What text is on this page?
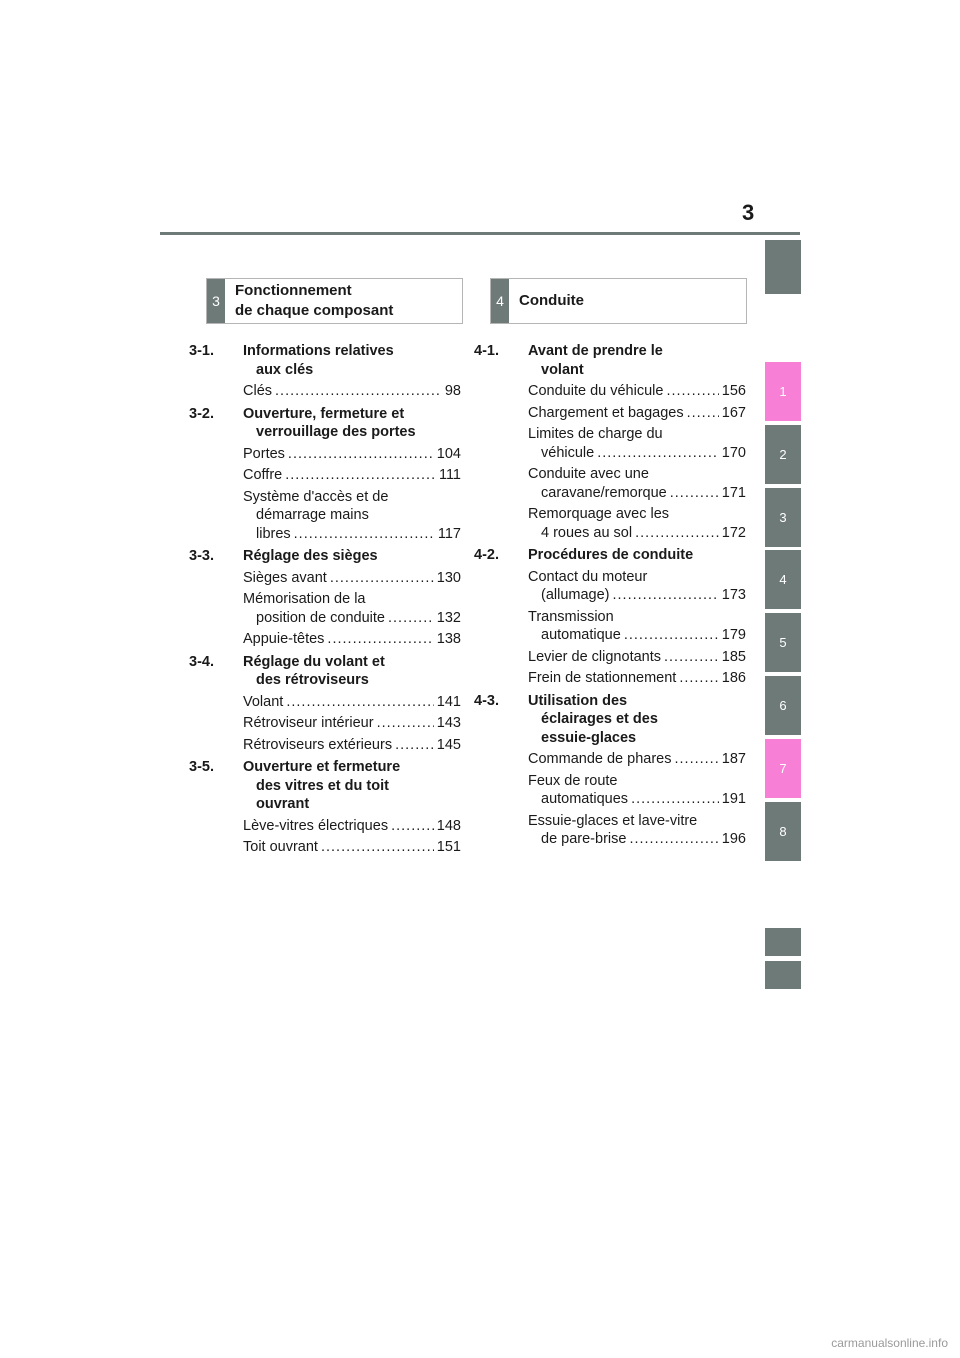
3
1
2
3
4
5
6
7
8
3
Fonctionnement
de chaque composant
4	Conduite
3-1.	Informations relatives
aux clés
Clés .....	98
3-2.	Ouverture, fermeture et
verrouillage des portes
Portes .....	104
Coffre .....	111
Système d'accès et de
démarrage mains
libres .....	117
3-3.	Réglage des sièges
Sièges avant .....	130
Mémorisation de la
position de conduite .....	132
Appuie-têtes .....	138
3-4.	Réglage du volant et
des rétroviseurs
Volant .....	141
Rétroviseur intérieur .....	143
Rétroviseurs extérieurs .....	145
3-5.	Ouverture et fermeture
des vitres et du toit
ouvrant
Lève-vitres électriques .....	148
Toit ouvrant .....	151
4-1.	Avant de prendre le
volant
Conduite du véhicule .....	156
Chargement et bagages .....	167
Limites de charge du
véhicule .....	170
Conduite avec une
caravane/remorque .....	171
Remorquage avec les
4 roues au sol .....	172
4-2.	Procédures de conduite
Contact du moteur
(allumage) .....	173
Transmission
automatique .....	179
Levier de clignotants .....	185
Frein de stationnement .....	186
4-3.	Utilisation des
éclairages et des
essuie-glaces
Commande de phares .....	187
Feux de route
automatiques .....	191
Essuie-glaces et lave-vitre
de pare-brise .....	196
carmanualsonline.info
